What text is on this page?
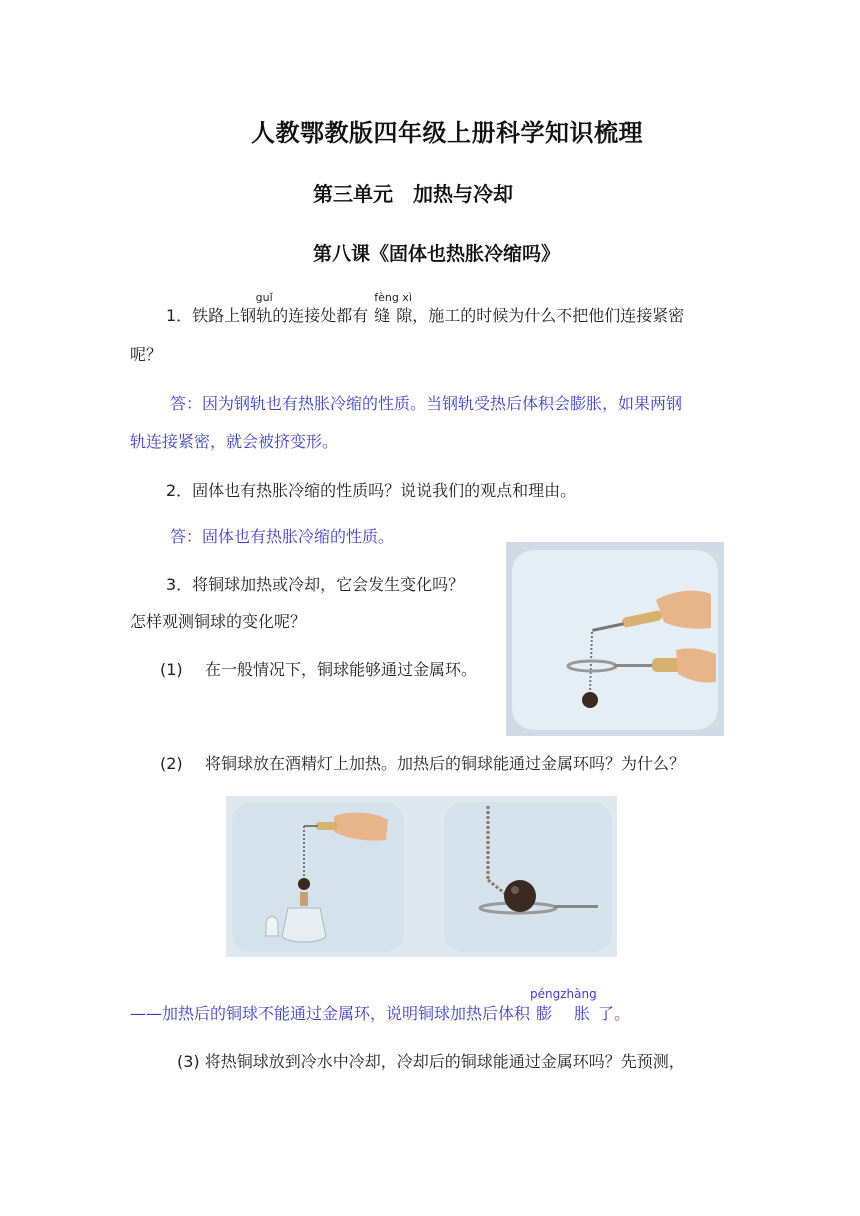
人教鄂教版四年级上册科学知识梳理
第三单元　加热与冷却
第八课《固体也热胀冷缩吗》
1．铁路上钢
guǐ
轨的连接处都有
fèng xì
缝 隙，施工的时候为什么不把他们连接紧密
呢？
答：因为钢轨也有热胀冷缩的性质。当钢轨受热后体积会膨胀，如果两钢
轨连接紧密，就会被挤变形。
2．固体也有热胀冷缩的性质吗？说说我们的观点和理由。
答：固体也有热胀冷缩的性质。
3．将铜球加热或冷却，它会发生变化吗？
怎样观测铜球的变化呢？
(1) 在一般情况下，铜球能够通过金属环。
(2) 将铜球放在酒精灯上加热。加热后的铜球能通过金属环吗？为什么？
——加热后的铜球不能通过金属环，说明铜球加热后体积
péngzhàng
膨 胀 了。
(3) 将热铜球放到冷水中冷却，冷却后的铜球能通过金属环吗？先预测，
